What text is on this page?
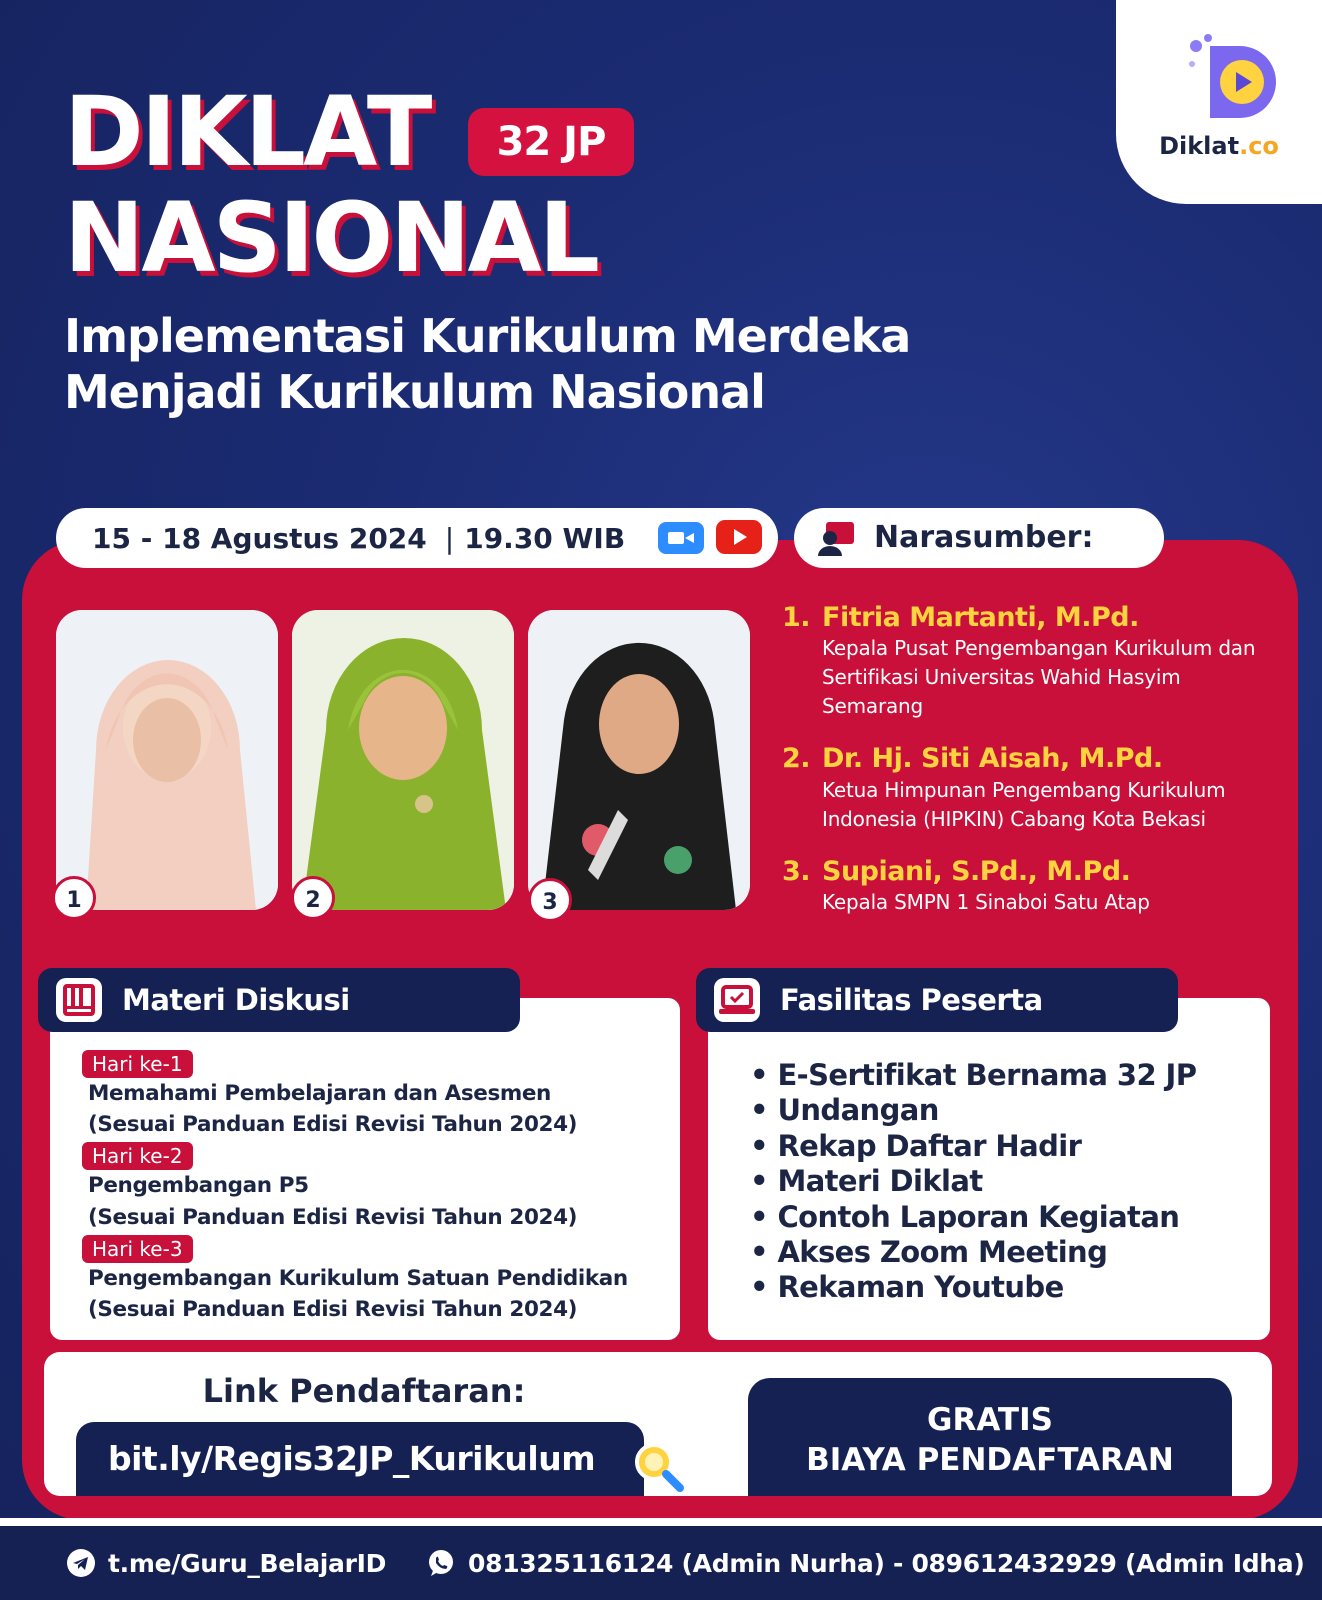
Diklat.co
DIKLAT	32 JP
NASIONAL
Implementasi Kurikulum Merdeka
Menjadi Kurikulum Nasional
15 - 18 Agustus 2024 | 19.30 WIB	Narasumber:
1	2	3
1. Fitria Martanti, M.Pd.
Kepala Pusat Pengembangan Kurikulum dan Sertifikasi Universitas Wahid Hasyim Semarang
2. Dr. Hj. Siti Aisah, M.Pd.
Ketua Himpunan Pengembang Kurikulum Indonesia (HIPKIN) Cabang Kota Bekasi
3. Supiani, S.Pd., M.Pd.
Kepala SMPN 1 Sinaboi Satu Atap
Hari ke-1
Memahami Pembelajaran dan Asesmen
(Sesuai Panduan Edisi Revisi Tahun 2024)
Hari ke-2
Pengembangan P5
(Sesuai Panduan Edisi Revisi Tahun 2024)
Hari ke-3
Pengembangan Kurikulum Satuan Pendidikan
(Sesuai Panduan Edisi Revisi Tahun 2024)
Materi Diskusi
• E-Sertifikat Bernama 32 JP
• Undangan
• Rekap Daftar Hadir
• Materi Diklat
• Contoh Laporan Kegiatan
• Akses Zoom Meeting
• Rekaman Youtube
Fasilitas Peserta
Link Pendaftaran:
bit.ly/Regis32JP_Kurikulum
GRATIS
BIAYA PENDAFTARAN
t.me/Guru_BelajarID	081325116124 (Admin Nurha) - 089612432929 (Admin Idha)
